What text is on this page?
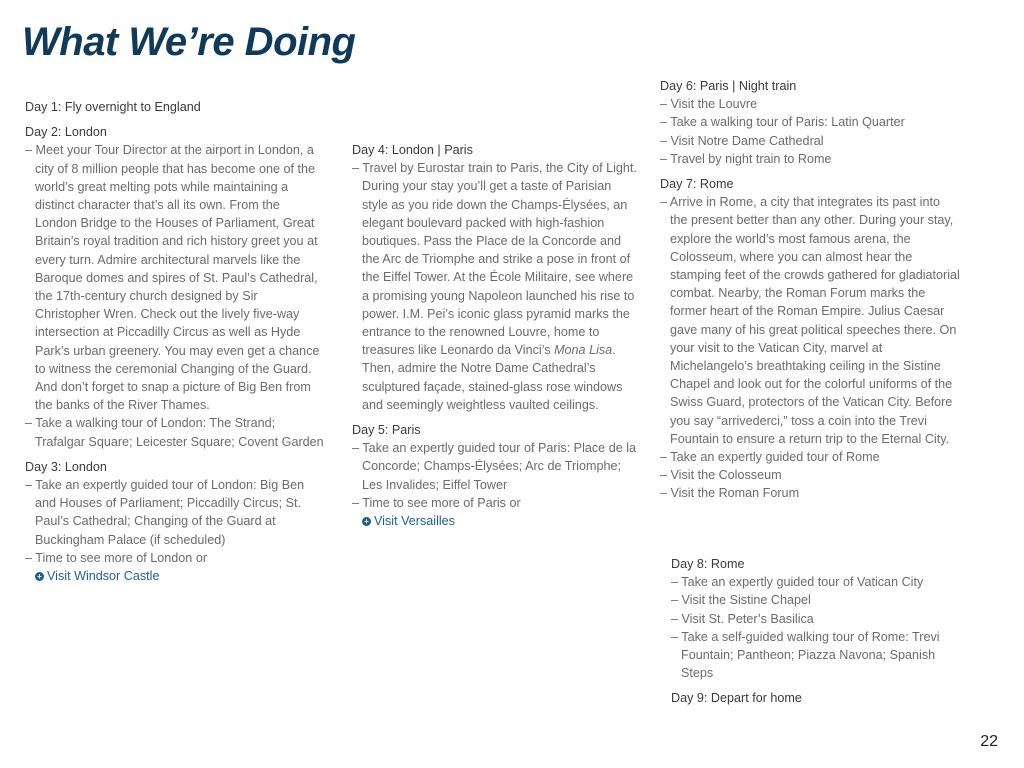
What We’re Doing
Day 1: Fly overnight to England
Day 2: London
– Meet your Tour Director at the airport in London, a city of 8 million people that has become one of the world’s great melting pots while maintaining a distinct character that’s all its own. From the London Bridge to the Houses of Parliament, Great Britain’s royal tradition and rich history greet you at every turn. Admire architectural marvels like the Baroque domes and spires of St. Paul’s Cathedral, the 17th-century church designed by Sir Christopher Wren. Check out the lively five-way intersection at Piccadilly Circus as well as Hyde Park’s urban greenery. You may even get a chance to witness the ceremonial Changing of the Guard. And don’t forget to snap a picture of Big Ben from the banks of the River Thames.
– Take a walking tour of London: The Strand; Trafalgar Square; Leicester Square; Covent Garden
Day 3: London
– Take an expertly guided tour of London: Big Ben and Houses of Parliament; Piccadilly Circus; St. Paul’s Cathedral; Changing of the Guard at Buckingham Palace (if scheduled)
– Time to see more of London or
+ Visit Windsor Castle
Day 4: London | Paris
– Travel by Eurostar train to Paris, the City of Light. During your stay you’ll get a taste of Parisian style as you ride down the Champs-Élysées, an elegant boulevard packed with high-fashion boutiques. Pass the Place de la Concorde and the Arc de Triomphe and strike a pose in front of the Eiffel Tower. At the École Militaire, see where a promising young Napoleon launched his rise to power. I.M. Pei’s iconic glass pyramid marks the entrance to the renowned Louvre, home to treasures like Leonardo da Vinci’s Mona Lisa. Then, admire the Notre Dame Cathedral’s sculptured façade, stained-glass rose windows and seemingly weightless vaulted ceilings.
Day 5: Paris
– Take an expertly guided tour of Paris: Place de la Concorde; Champs-Élysées; Arc de Triomphe; Les Invalides; Eiffel Tower
– Time to see more of Paris or
+ Visit Versailles
Day 6: Paris | Night train
– Visit the Louvre
– Take a walking tour of Paris: Latin Quarter
– Visit Notre Dame Cathedral
– Travel by night train to Rome
Day 7: Rome
– Arrive in Rome, a city that integrates its past into the present better than any other. During your stay, explore the world’s most famous arena, the Colosseum, where you can almost hear the stamping feet of the crowds gathered for gladiatorial combat. Nearby, the Roman Forum marks the former heart of the Roman Empire. Julius Caesar gave many of his great political speeches there. On your visit to the Vatican City, marvel at Michelangelo’s breathtaking ceiling in the Sistine Chapel and look out for the colorful uniforms of the Swiss Guard, protectors of the Vatican City. Before you say “arrivederci,” toss a coin into the Trevi Fountain to ensure a return trip to the Eternal City.
– Take an expertly guided tour of Rome
– Visit the Colosseum
– Visit the Roman Forum
Day 8: Rome
– Take an expertly guided tour of Vatican City
– Visit the Sistine Chapel
– Visit St. Peter’s Basilica
– Take a self-guided walking tour of Rome: Trevi Fountain; Pantheon; Piazza Navona; Spanish Steps
Day 9: Depart for home
22
